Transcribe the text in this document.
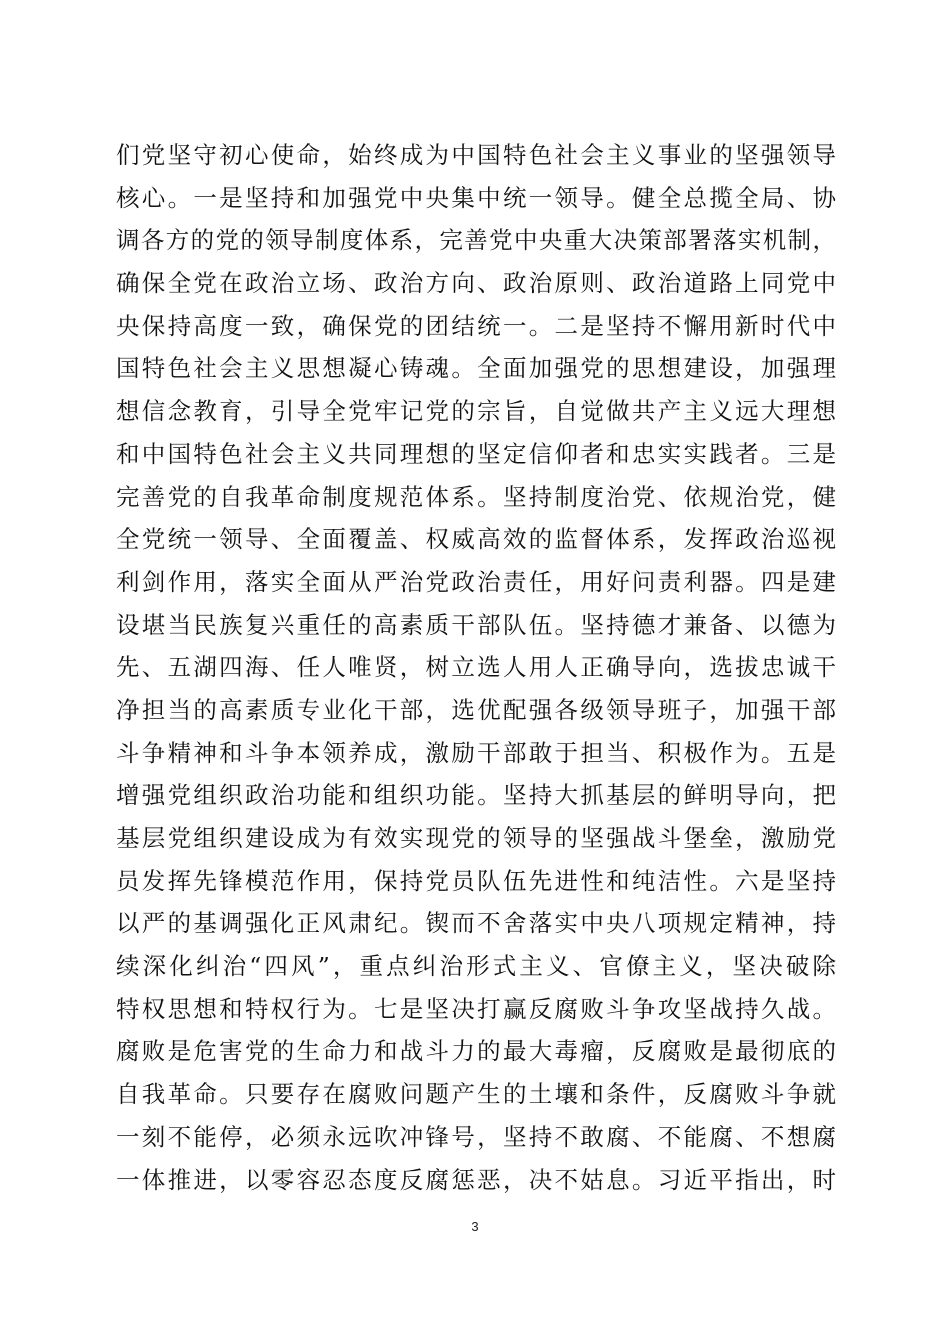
们党坚守初心使命，始终成为中国特色社会主义事业的坚强领导
核心。一是坚持和加强党中央集中统一领导。健全总揽全局、协
调各方的党的领导制度体系，完善党中央重大决策部署落实机制，
确保全党在政治立场、政治方向、政治原则、政治道路上同党中
央保持高度一致，确保党的团结统一。二是坚持不懈用新时代中
国特色社会主义思想凝心铸魂。全面加强党的思想建设，加强理
想信念教育，引导全党牢记党的宗旨，自觉做共产主义远大理想
和中国特色社会主义共同理想的坚定信仰者和忠实实践者。三是
完善党的自我革命制度规范体系。坚持制度治党、依规治党，健
全党统一领导、全面覆盖、权威高效的监督体系，发挥政治巡视
利剑作用，落实全面从严治党政治责任，用好问责利器。四是建
设堪当民族复兴重任的高素质干部队伍。坚持德才兼备、以德为
先、五湖四海、任人唯贤，树立选人用人正确导向，选拔忠诚干
净担当的高素质专业化干部，选优配强各级领导班子，加强干部
斗争精神和斗争本领养成，激励干部敢于担当、积极作为。五是
增强党组织政治功能和组织功能。坚持大抓基层的鲜明导向，把
基层党组织建设成为有效实现党的领导的坚强战斗堡垒，激励党
员发挥先锋模范作用，保持党员队伍先进性和纯洁性。六是坚持
以严的基调强化正风肃纪。锲而不舍落实中央八项规定精神，持
续深化纠治“四风”，重点纠治形式主义、官僚主义，坚决破除
特权思想和特权行为。七是坚决打赢反腐败斗争攻坚战持久战。
腐败是危害党的生命力和战斗力的最大毒瘤，反腐败是最彻底的
自我革命。只要存在腐败问题产生的土壤和条件，反腐败斗争就
一刻不能停，必须永远吹冲锋号，坚持不敢腐、不能腐、不想腐
一体推进，以零容忍态度反腐惩恶，决不姑息。习近平指出，时
3
